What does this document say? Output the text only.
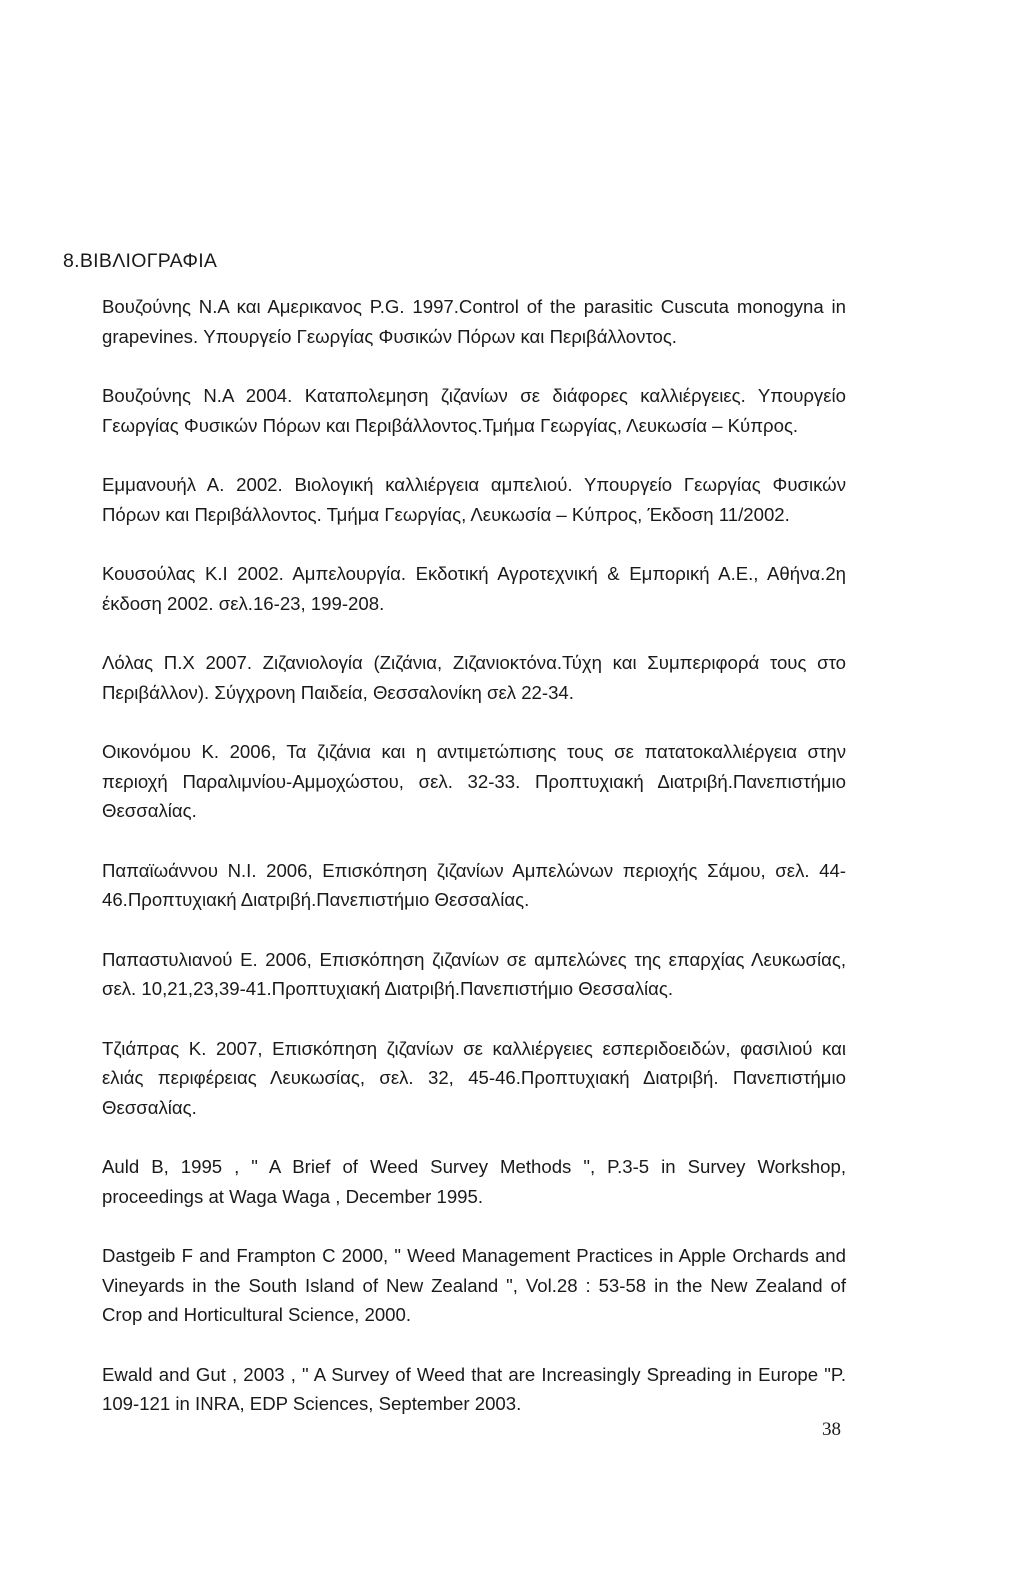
8.ΒΙΒΛΙΟΓΡΑΦΙΑ
Βουζούνης Ν.Α και Αμερικανος P.G. 1997.Control of the parasitic Cuscuta monogyna in grapevines. Υπουργείο Γεωργίας Φυσικών Πόρων και Περιβάλλοντος.
Βουζούνης Ν.Α 2004. Καταπολεμηση ζιζανίων σε διάφορες καλλιέργειες. Υπουργείο Γεωργίας Φυσικών Πόρων και Περιβάλλοντος.Τμήμα Γεωργίας, Λευκωσία – Κύπρος.
Εμμανουήλ Α. 2002. Βιολογική καλλιέργεια αμπελιού. Υπουργείο Γεωργίας Φυσικών Πόρων και Περιβάλλοντος. Τμήμα Γεωργίας, Λευκωσία – Κύπρος, Έκδοση 11/2002.
Κουσούλας Κ.Ι 2002. Αμπελουργία. Εκδοτική Αγροτεχνική & Εμπορική Α.Ε., Αθήνα.2η έκδοση 2002. σελ.16-23, 199-208.
Λόλας Π.Χ 2007. Ζιζανιολογία (Ζιζάνια, Ζιζανιοκτόνα.Τύχη και Συμπεριφορά τους στο Περιβάλλον). Σύγχρονη Παιδεία, Θεσσαλονίκη σελ 22-34.
Οικονόμου Κ. 2006, Τα ζιζάνια και η αντιμετώπισης τους σε πατατοκαλλιέργεια στην περιοχή Παραλιμνίου-Αμμοχώστου, σελ. 32-33. Προπτυχιακή Διατριβή.Πανεπιστήμιο Θεσσαλίας.
Παπαϊωάννου Ν.Ι. 2006, Επισκόπηση ζιζανίων Αμπελώνων περιοχής Σάμου, σελ. 44-46.Προπτυχιακή Διατριβή.Πανεπιστήμιο Θεσσαλίας.
Παπαστυλιανού Ε. 2006, Επισκόπηση ζιζανίων σε αμπελώνες της επαρχίας Λευκωσίας, σελ. 10,21,23,39-41.Προπτυχιακή Διατριβή.Πανεπιστήμιο Θεσσαλίας.
Τζιάπρας Κ. 2007, Επισκόπηση ζιζανίων σε καλλιέργειες εσπεριδοειδών, φασιλιού και ελιάς περιφέρειας Λευκωσίας, σελ. 32, 45-46.Προπτυχιακή Διατριβή. Πανεπιστήμιο Θεσσαλίας.
Auld B, 1995 , ʺ A Brief of Weed Survey Methods ʺ, P.3-5 in Survey Workshop, proceedings at Waga Waga , December 1995.
Dastgeib F and Frampton C 2000, ʺ Weed Management Practices in Apple Orchards and Vineyards in the South Island of New Zealand ʺ, Vol.28 : 53-58 in the New Zealand of Crop and Horticultural Science, 2000.
Ewald and Gut , 2003 , ʺ A Survey of Weed that are Increasingly Spreading in Europe ʺP. 109-121 in INRA, EDP Sciences, September 2003.
38
